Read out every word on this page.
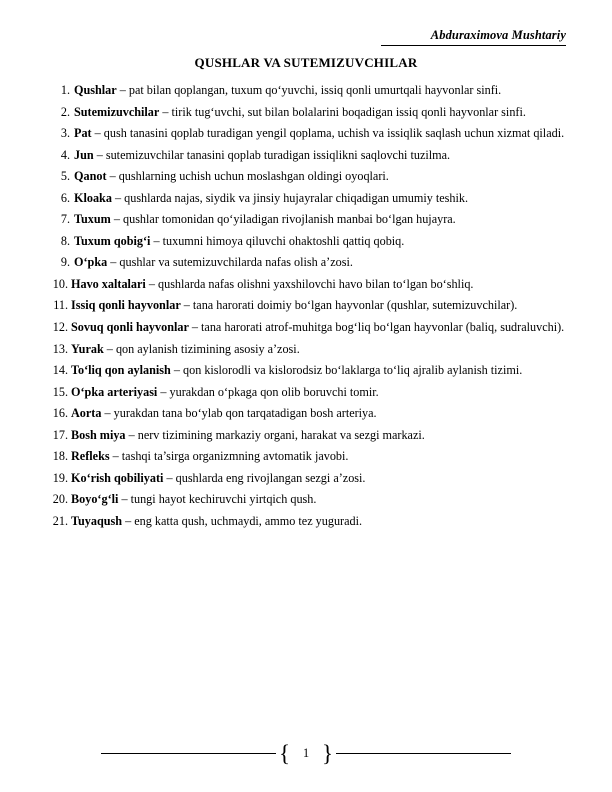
Abduraximova Mushtariy
QUSHLAR VA SUTEMIZUVCHILAR
1. Qushlar – pat bilan qoplangan, tuxum qo‘yuvchi, issiq qonli umurtqali hayvonlar sinfi.
2. Sutemizuvchilar – tirik tug‘uvchi, sut bilan bolalarini boqadigan issiq qonli hayvonlar sinfi.
3. Pat – qush tanasini qoplab turadigan yengil qoplama, uchish va issiqlik saqlash uchun xizmat qiladi.
4. Jun – sutemizuvchilar tanasini qoplab turadigan issiqlikni saqlovchi tuzilma.
5. Qanot – qushlarning uchish uchun moslashgan oldingi oyoqlari.
6. Kloaka – qushlarda najas, siydik va jinsiy hujayralar chiqadigan umumiy teshik.
7. Tuxum – qushlar tomonidan qo‘yiladigan rivojlanish manbai bo‘lgan hujayra.
8. Tuxum qobig‘i – tuxumni himoya qiluvchi ohaktoshli qattiq qobiq.
9. O‘pka – qushlar va sutemizuvchilarda nafas olish a’zosi.
10. Havo xaltalari – qushlarda nafas olishni yaxshilovchi havo bilan to‘lgan bo‘shliq.
11. Issiq qonli hayvonlar – tana harorati doimiy bo‘lgan hayvonlar (qushlar, sutemizuvchilar).
12. Sovuq qonli hayvonlar – tana harorati atrof-muhitga bog‘liq bo‘lgan hayvonlar (baliq, sudraluvchi).
13. Yurak – qon aylanish tizimining asosiy a’zosi.
14. To‘liq qon aylanish – qon kislorodli va kislorodsiz bo‘laklarga to‘liq ajralib aylanish tizimi.
15. O‘pka arteriyasi – yurakdan o‘pkaga qon olib boruvchi tomir.
16. Aorta – yurakdan tana bo‘ylab qon tarqatadigan bosh arteriya.
17. Bosh miya – nerv tizimining markaziy organi, harakat va sezgi markazi.
18. Refleks – tashqi ta’sirga organizmning avtomatik javobi.
19. Ko‘rish qobiliyati – qushlarda eng rivojlangan sezgi a’zosi.
20. Boyo‘g‘li – tungi hayot kechiruvchi yirtqich qush.
21. Tuyaqush – eng katta qush, uchmaydi, ammo tez yuguradi.
{	1 }
